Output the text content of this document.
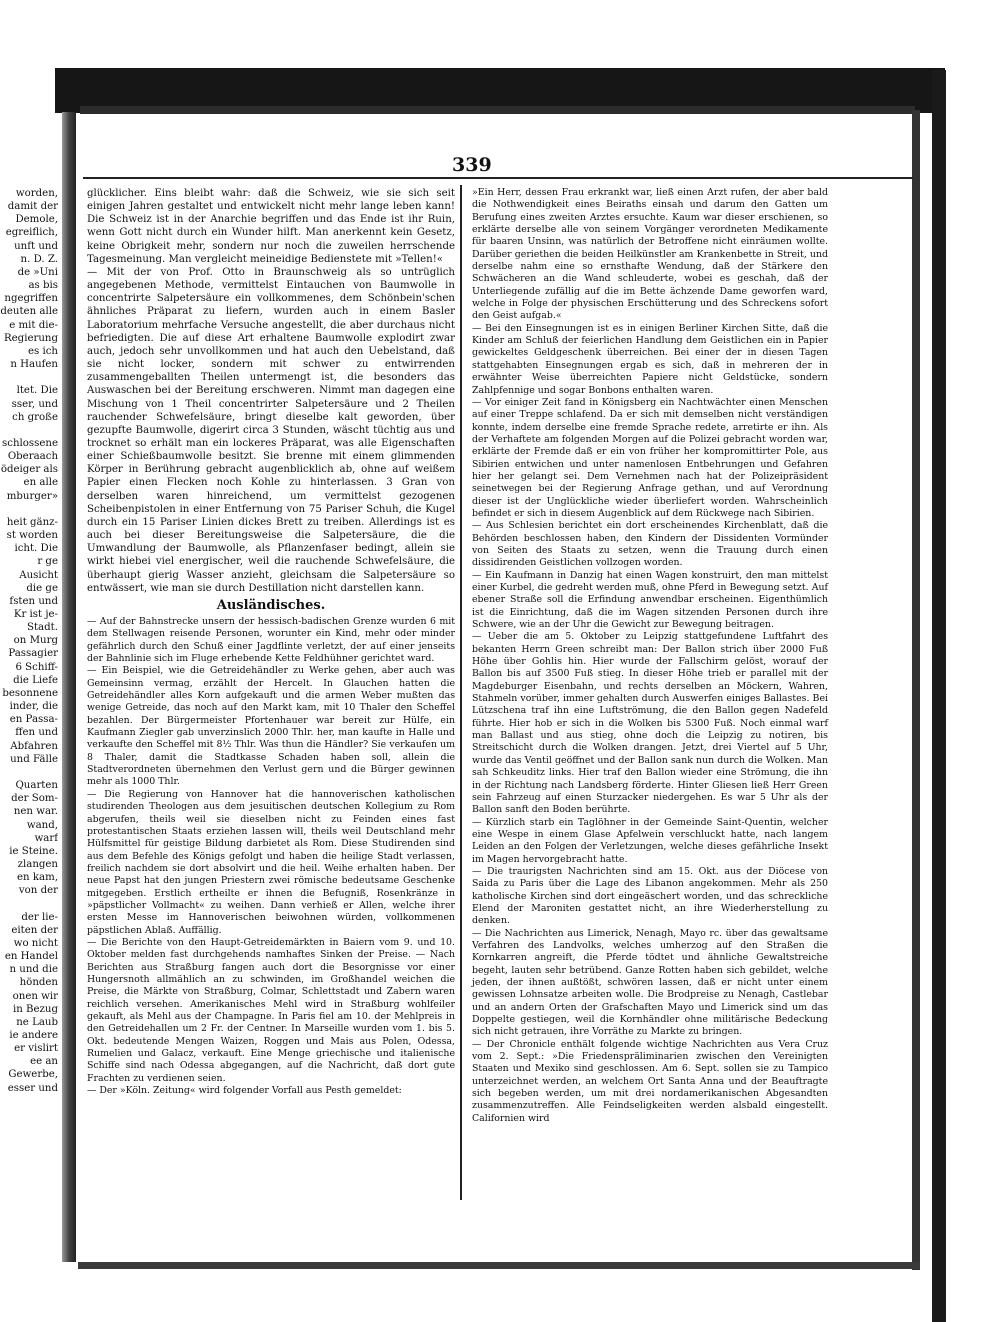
worden,
damit der
Demole,
egreiflich,
unft und
n. D. Z.
de »Uni
as bis
ngegriffen
deuten alle
e mit die-
Regierung
es ich
n Haufen

ltet. Die
sser, und
ch große

schlossene
Oberaach
ödeiger als
en alle
mburger»

heit gänz-
st worden
icht. Die
r ge
Ausicht
die ge
fsten und
Kr ist je-
Stadt.
on Murg
Passagier
6 Schiff-
die Liefe
besonnene
inder, die
en Passa-
ffen und
Abfahren
und Fälle

Quarten
der Som-
nen war.
wand,
warf
ie Steine.
zlangen
en kam,
von der

der lie-
eiten der
wo nicht
en Handel
n und die
hönden
onen wir
in Bezug
ne Laub
ie andere
er vislirt
ee an
Gewerbe,
esser und
339

glücklicher. Eins bleibt wahr: daß die Schweiz, wie sie sich seit einigen Jahren gestaltet und entwickelt nicht mehr lange leben kann! Die Schweiz ist in der Anarchie begriffen und das Ende ist ihr Ruin, wenn Gott nicht durch ein Wunder hilft. Man anerkennt kein Gesetz, keine Obrigkeit mehr, sondern nur noch die zuweilen herrschende Tagesmeinung. Man vergleicht meineidige Bedienstete mit »Tellen!«

— Mit der von Prof. Otto in Braunschweig als so untrüglich angegebenen Methode, vermittelst Eintauchen von Baumwolle in concentrirte Salpetersäure ein vollkommenes, dem Schönbein'schen ähnliches Präparat zu liefern, wurden auch in einem Basler Laboratorium mehrfache Versuche angestellt, die aber durchaus nicht befriedigten. Die auf diese Art erhaltene Baumwolle explodirt zwar auch, jedoch sehr unvollkommen und hat auch den Uebelstand, daß sie nicht locker, sondern mit schwer zu entwirrenden zusammengeballten Theilen untermengt ist, die besonders das Auswaschen bei der Bereitung erschweren. Nimmt man dagegen eine Mischung von 1 Theil concentrirter Salpetersäure und 2 Theilen rauchender Schwefelsäure, bringt dieselbe kalt geworden, über gezupfte Baumwolle, digerirt circa 3 Stunden, wäscht tüchtig aus und trocknet so erhält man ein lockeres Präparat, was alle Eigenschaften einer Schießbaumwolle besitzt. Sie brenne mit einem glimmenden Körper in Berührung gebracht augenblicklich ab, ohne auf weißem Papier einen Flecken noch Kohle zu hinterlassen. 3 Gran von derselben waren hinreichend, um vermittelst gezogenen Scheibenpistolen in einer Entfernung von 75 Pariser Schuh, die Kugel durch ein 15 Pariser Linien dickes Brett zu treiben. Allerdings ist es auch bei dieser Bereitungsweise die Salpetersäure, die die Umwandlung der Baumwolle, als Pflanzenfaser bedingt, allein sie wirkt hiebei viel energischer, weil die rauchende Schwefelsäure, die überhaupt gierig Wasser anzieht, gleichsam die Salpetersäure so entwässert, wie man sie durch Destillation nicht darstellen kann.

Ausländisches.

— Auf der Bahnstrecke unsern der hessisch-badischen Grenze wurden 6 mit dem Stellwagen reisende Personen, worunter ein Kind, mehr oder minder gefährlich durch den Schuß einer Jagdflinte verletzt, der auf einer jenseits der Bahnlinie sich im Fluge erhebende Kette Feldhühner gerichtet ward.

— Ein Beispiel, wie die Getreidehändler zu Werke gehen, aber auch was Gemeinsinn vermag, erzählt der Hercelt. In Glauchen hatten die Getreidehändler alles Korn aufgekauft und die armen Weber mußten das wenige Getreide, das noch auf den Markt kam, mit 10 Thaler den Scheffel bezahlen. Der Bürgermeister Pfortenhauer war bereit zur Hülfe, ein Kaufmann Ziegler gab unverzinslich 2000 Thlr. her, man kaufte in Halle und verkaufte den Scheffel mit 8½ Thlr. Was thun die Händler? Sie verkaufen um 8 Thaler, damit die Stadtkasse Schaden haben soll, allein die Stadtverordneten übernehmen den Verlust gern und die Bürger gewinnen mehr als 1000 Thlr.

— Die Regierung von Hannover hat die hannoverischen katholischen studirenden Theologen aus dem jesuitischen deutschen Kollegium zu Rom abgerufen, theils weil sie dieselben nicht zu Feinden eines fast protestantischen Staats erziehen lassen will, theils weil Deutschland mehr Hülfsmittel für geistige Bildung darbietet als Rom. Diese Studirenden sind aus dem Befehle des Königs gefolgt und haben die heilige Stadt verlassen, freilich nachdem sie dort absolvirt und die heil. Weihe erhalten haben. Der neue Papst hat den jungen Priestern zwei römische bedeutsame Geschenke mitgegeben. Erstlich ertheilte er ihnen die Befugniß, Rosenkränze in »päpstlicher Vollmacht« zu weihen. Dann verhieß er Allen, welche ihrer ersten Messe im Hannoverischen beiwohnen würden, vollkommenen päpstlichen Ablaß. Auffällig.

— Die Berichte von den Haupt-Getreidemärkten in Baiern vom 9. und 10. Oktober melden fast durchgehends namhaftes Sinken der Preise. — Nach Berichten aus Straßburg fangen auch dort die Besorgnisse vor einer Hungersnoth allmählich an zu schwinden, im Großhandel weichen die Preise, die Märkte von Straßburg, Colmar, Schlettstadt und Zabern waren reichlich versehen. Amerikanisches Mehl wird in Straßburg wohlfeiler gekauft, als Mehl aus der Champagne. In Paris fiel am 10. der Mehlpreis in den Getreidehallen um 2 Fr. der Centner. In Marseille wurden vom 1. bis 5. Okt. bedeutende Mengen Waizen, Roggen und Mais aus Polen, Odessa, Rumelien und Galacz, verkauft. Eine Menge griechische und italienische Schiffe sind nach Odessa abgegangen, auf die Nachricht, daß dort gute Frachten zu verdienen seien.

— Der »Köln. Zeitung« wird folgender Vorfall aus Pesth gemeldet:

»Ein Herr, dessen Frau erkrankt war, ließ einen Arzt rufen, der aber bald die Nothwendigkeit eines Beiraths einsah und darum den Gatten um Berufung eines zweiten Arztes ersuchte. Kaum war dieser erschienen, so erklärte derselbe alle von seinem Vorgänger verordneten Medikamente für baaren Unsinn, was natürlich der Betroffene nicht einräumen wollte. Darüber geriethen die beiden Heilkünstler am Krankenbette in Streit, und derselbe nahm eine so ernsthafte Wendung, daß der Stärkere den Schwächeren an die Wand schleuderte, wobei es geschah, daß der Unterliegende zufällig auf die im Bette ächzende Dame geworfen ward, welche in Folge der physischen Erschütterung und des Schreckens sofort den Geist aufgab.«

— Bei den Einsegnungen ist es in einigen Berliner Kirchen Sitte, daß die Kinder am Schluß der feierlichen Handlung dem Geistlichen ein in Papier gewickeltes Geldgeschenk überreichen. Bei einer der in diesen Tagen stattgehabten Einsegnungen ergab es sich, daß in mehreren der in erwähnter Weise überreichten Papiere nicht Geldstücke, sondern Zahlpfennige und sogar Bonbons enthalten waren.

— Vor einiger Zeit fand in Königsberg ein Nachtwächter einen Menschen auf einer Treppe schlafend. Da er sich mit demselben nicht verständigen konnte, indem derselbe eine fremde Sprache redete, arretirte er ihn. Als der Verhaftete am folgenden Morgen auf die Polizei gebracht worden war, erklärte der Fremde daß er ein von früher her kompromittirter Pole, aus Sibirien entwichen und unter namenlosen Entbehrungen und Gefahren hier her gelangt sei. Dem Vernehmen nach hat der Polizeipräsident seinetwegen bei der Regierung Anfrage gethan, und auf Verordnung dieser ist der Unglückliche wieder überliefert worden. Wahrscheinlich befindet er sich in diesem Augenblick auf dem Rückwege nach Sibirien.

— Aus Schlesien berichtet ein dort erscheinendes Kirchenblatt, daß die Behörden beschlossen haben, den Kindern der Dissidenten Vormünder von Seiten des Staats zu setzen, wenn die Trauung durch einen dissidirenden Geistlichen vollzogen worden.

— Ein Kaufmann in Danzig hat einen Wagen konstruirt, den man mittelst einer Kurbel, die gedreht werden muß, ohne Pferd in Bewegung setzt. Auf ebener Straße soll die Erfindung anwendbar erscheinen. Eigenthümlich ist die Einrichtung, daß die im Wagen sitzenden Personen durch ihre Schwere, wie an der Uhr die Gewicht zur Bewegung beitragen.

— Ueber die am 5. Oktober zu Leipzig stattgefundene Luftfahrt des bekanten Herrn Green schreibt man: Der Ballon strich über 2000 Fuß Höhe über Gohlis hin. Hier wurde der Fallschirm gelöst, worauf der Ballon bis auf 3500 Fuß stieg. In dieser Höhe trieb er parallel mit der Magdeburger Eisenbahn, und rechts derselben an Möckern, Wahren, Stahmeln vorüber, immer gehalten durch Auswerfen einiges Ballastes. Bei Lützschena traf ihn eine Luftströmung, die den Ballon gegen Nadefeld führte. Hier hob er sich in die Wolken bis 5300 Fuß. Noch einmal warf man Ballast und aus stieg, ohne doch die Leipzig zu notiren, bis Streitschicht durch die Wolken drangen. Jetzt, drei Viertel auf 5 Uhr, wurde das Ventil geöffnet und der Ballon sank nun durch die Wolken. Man sah Schkeuditz links. Hier traf den Ballon wieder eine Strömung, die ihn in der Richtung nach Landsberg förderte. Hinter Gliesen ließ Herr Green sein Fahrzeug auf einen Sturzacker niedergehen. Es war 5 Uhr als der Ballon sanft den Boden berührte.

— Kürzlich starb ein Taglöhner in der Gemeinde Saint-Quentin, welcher eine Wespe in einem Glase Apfelwein verschluckt hatte, nach langem Leiden an den Folgen der Verletzungen, welche dieses gefährliche Insekt im Magen hervorgebracht hatte.

— Die traurigsten Nachrichten sind am 15. Okt. aus der Diöcese von Saida zu Paris über die Lage des Libanon angekommen. Mehr als 250 katholische Kirchen sind dort eingeäschert worden, und das schreckliche Elend der Maroniten gestattet nicht, an ihre Wiederherstellung zu denken.

— Die Nachrichten aus Limerick, Nenagh, Mayo rc. über das gewaltsame Verfahren des Landvolks, welches umherzog auf den Straßen die Kornkarren angreift, die Pferde tödtet und ähnliche Gewaltstreiche begeht, lauten sehr betrübend. Ganze Rotten haben sich gebildet, welche jeden, der ihnen außtößt, schwören lassen, daß er nicht unter einem gewissen Lohnsatze arbeiten wolle. Die Brodpreise zu Nenagh, Castlebar und an andern Orten der Grafschaften Mayo und Limerick sind um das Doppelte gestiegen, weil die Kornhändler ohne militärische Bedeckung sich nicht getrauen, ihre Vorräthe zu Markte zu bringen.

— Der Chronicle enthält folgende wichtige Nachrichten aus Vera Cruz vom 2. Sept.: »Die Friedenspräliminarien zwischen den Vereinigten Staaten und Mexiko sind geschlossen. Am 6. Sept. sollen sie zu Tampico unterzeichnet werden, an welchem Ort Santa Anna und der Beauftragte sich begeben werden, um mit drei nordamerikanischen Abgesandten zusammenzutreffen. Alle Feindseligkeiten werden alsbald eingestellt. Californien wird
